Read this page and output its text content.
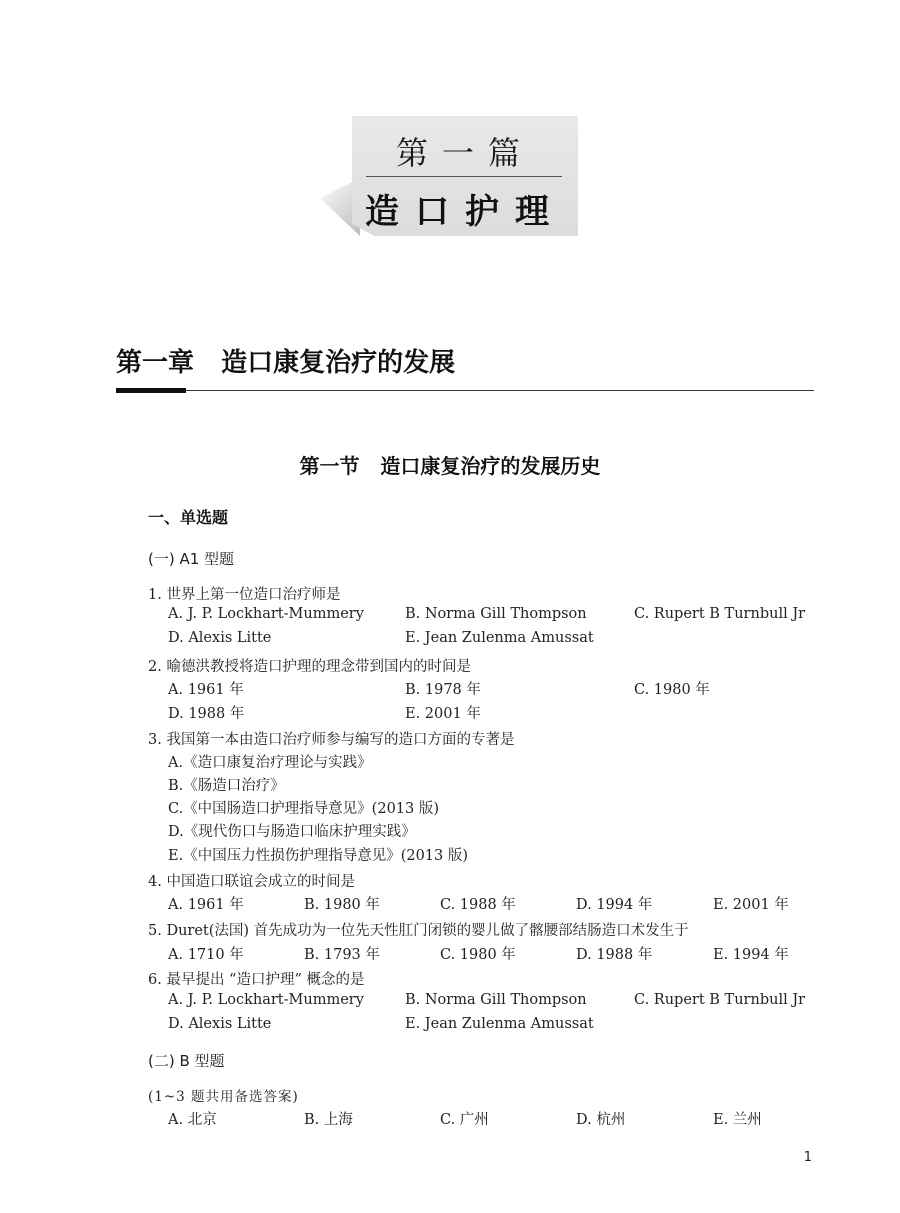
第一篇
造口护理
第一章   造口康复治疗的发展
第一节   造口康复治疗的发展历史
一、单选题
(一) A1 型题
1. 世界上第一位造口治疗师是
A. J. P. Lockhart-Mummery	B. Norma Gill Thompson	C. Rupert B Turnbull Jr
D. Alexis Litte	E. Jean Zulenma Amussat
2. 喻德洪教授将造口护理的理念带到国内的时间是
A. 1961 年	B. 1978 年	C. 1980 年
D. 1988 年	E. 2001 年
3. 我国第一本由造口治疗师参与编写的造口方面的专著是
A.《造口康复治疗理论与实践》
B.《肠造口治疗》
C.《中国肠造口护理指导意见》(2013 版)
D.《现代伤口与肠造口临床护理实践》
E.《中国压力性损伤护理指导意见》(2013 版)
4. 中国造口联谊会成立的时间是
A. 1961 年	B. 1980 年	C. 1988 年	D. 1994 年	E. 2001 年
5. Duret(法国) 首先成功为一位先天性肛门闭锁的婴儿做了髂腰部结肠造口术发生于
A. 1710 年	B. 1793 年	C. 1980 年	D. 1988 年	E. 1994 年
6. 最早提出 “造口护理” 概念的是
A. J. P. Lockhart-Mummery	B. Norma Gill Thompson	C. Rupert B Turnbull Jr
D. Alexis Litte	E. Jean Zulenma Amussat
(二) B 型题
(1~3 题共用备选答案)
A. 北京	B. 上海	C. 广州	D. 杭州	E. 兰州
1
